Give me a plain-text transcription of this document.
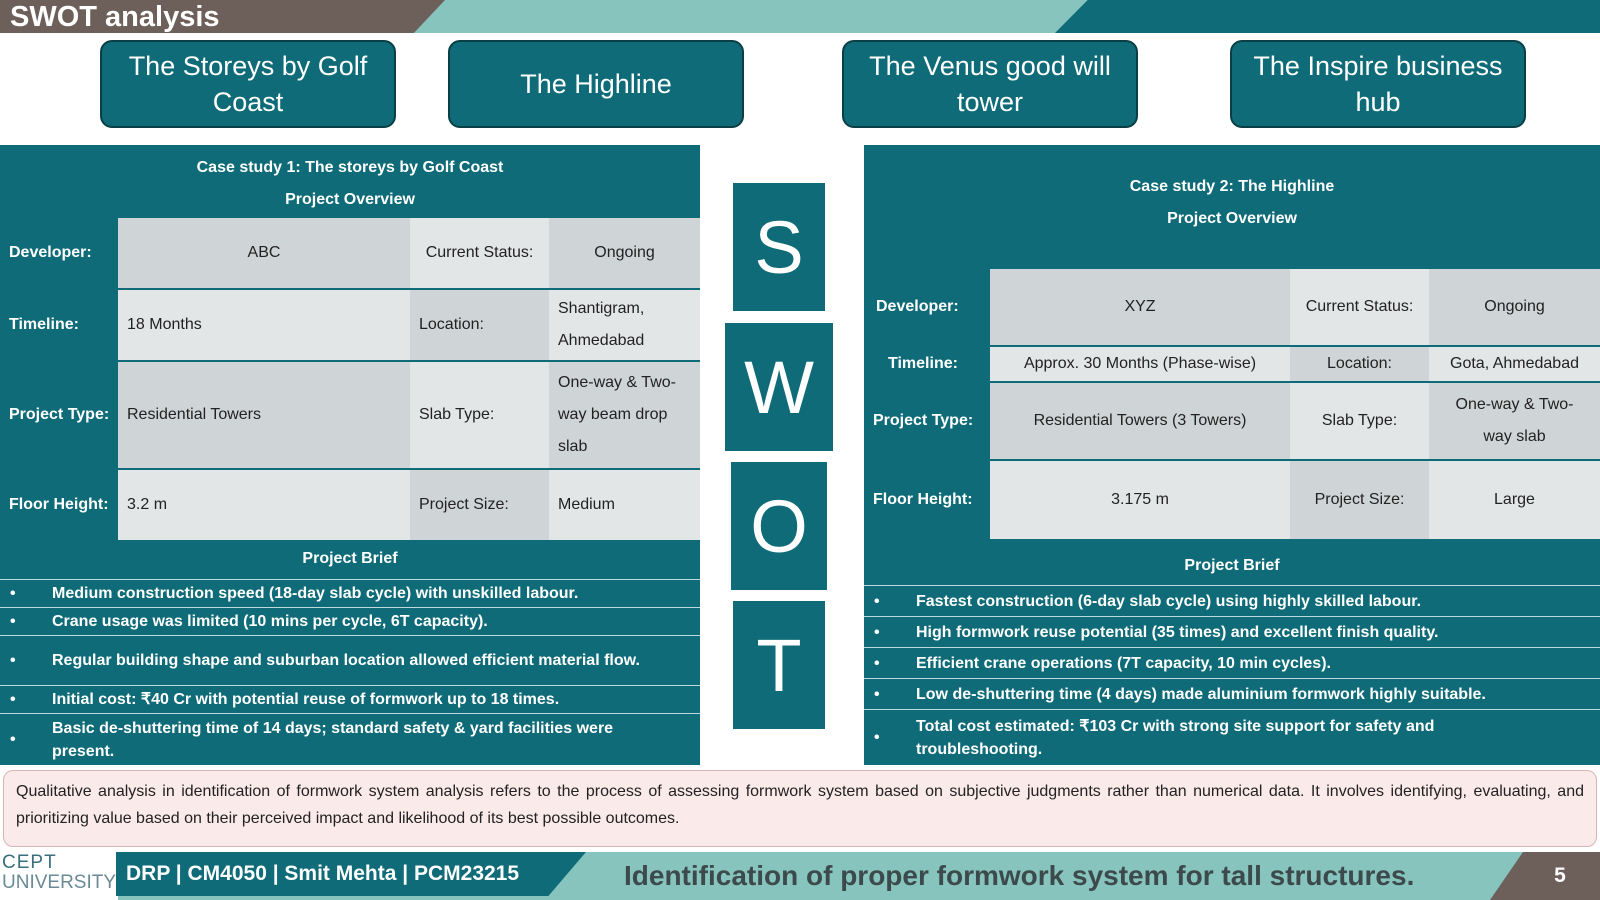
SWOT analysis
The Storeys by Golf Coast
The Highline
The Venus good will tower
The Inspire business hub
Case study 1: The storeys by Golf Coast
Project Overview
Developer:	ABC	Current Status:	Ongoing
Timeline:	18 Months	Location:
Shantigram, Ahmedabad
Project Type:	Residential Towers	Slab Type:
One-way & Two-way beam drop slab
Floor Height:	3.2 m	Project Size:	Medium
Project Brief
•	Medium construction speed (18-day slab cycle) with unskilled labour.
•	Crane usage was limited (10 mins per cycle, 6T capacity).
•	Regular building shape and suburban location allowed efficient material flow.
•	Initial cost: ₹40 Cr with potential reuse of formwork up to 18 times.
•
Basic de-shuttering time of 14 days; standard safety & yard facilities were present.
S
W
O
T
Case study 2: The Highline
Project Overview
Developer:	XYZ	Current Status:	Ongoing
Timeline:	Approx. 30 Months (Phase-wise)	Location:	Gota, Ahmedabad
Project Type:	Residential Towers (3 Towers)	Slab Type:
One-way & Two-way slab
Floor Height:	3.175 m	Project Size:	Large
Project Brief
•	Fastest construction (6-day slab cycle) using highly skilled labour.
•	High formwork reuse potential (35 times) and excellent finish quality.
•	Efficient crane operations (7T capacity, 10 min cycles).
•	Low de-shuttering time (4 days) made aluminium formwork highly suitable.
•
Total cost estimated: ₹103 Cr with strong site support for safety and troubleshooting.
Qualitative analysis in identification of formwork system analysis refers to the process of assessing formwork system based on subjective judgments rather than numerical data. It involves identifying, evaluating, and prioritizing value based on their perceived impact and likelihood of its best possible outcomes.
CEPT
UNIVERSITY DRP | CM4050 | Smit Mehta | PCM23215	Identification of proper formwork system for tall structures.	5
